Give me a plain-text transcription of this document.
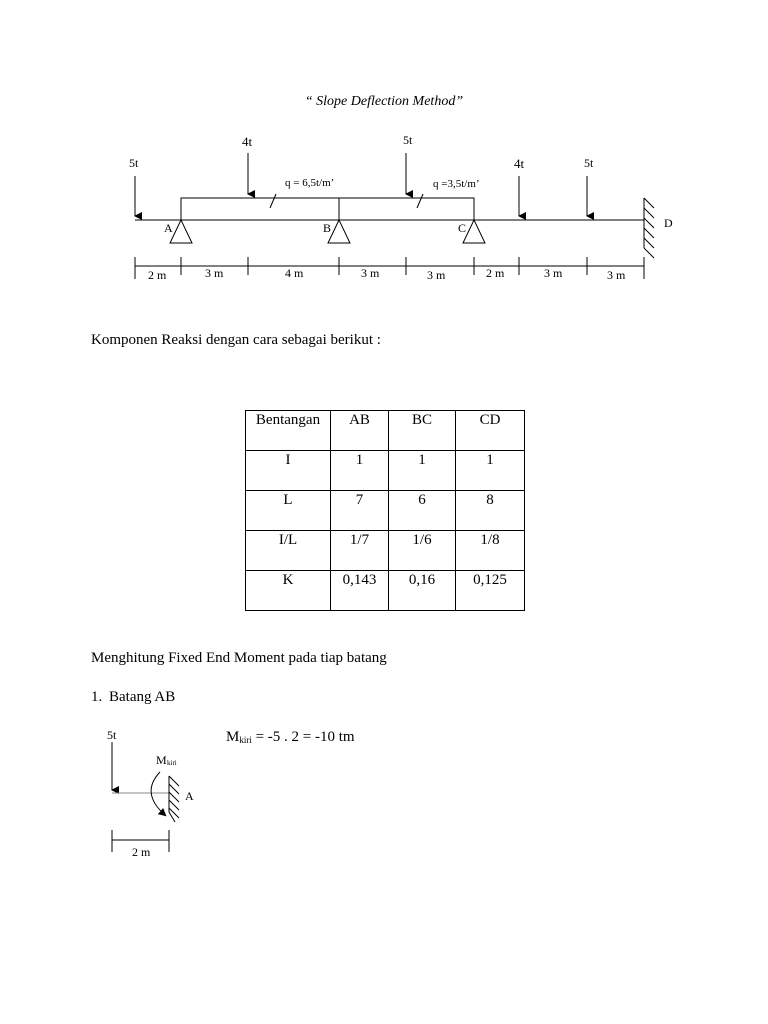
“ Slope Deflection Method”
5t
4t	5t
4t	5t
q = 6,5t/m’	q =3,5t/m’
A	B	C	D
2 m	3 m	4 m	3 m	3 m	2 m	3 m	3 m
Komponen Reaksi dengan cara sebagai berikut :
Bentangan	AB	BC	CD
I	1	1	1
L	7	6	8
I/L	1/7	1/6	1/8
K	0,143	0,16	0,125
Menghitung Fixed End Moment pada tiap batang
1. Batang AB
5t
M kiri
A
2 m
$M_{kiri} = -5$ . 2 = -10 tm
